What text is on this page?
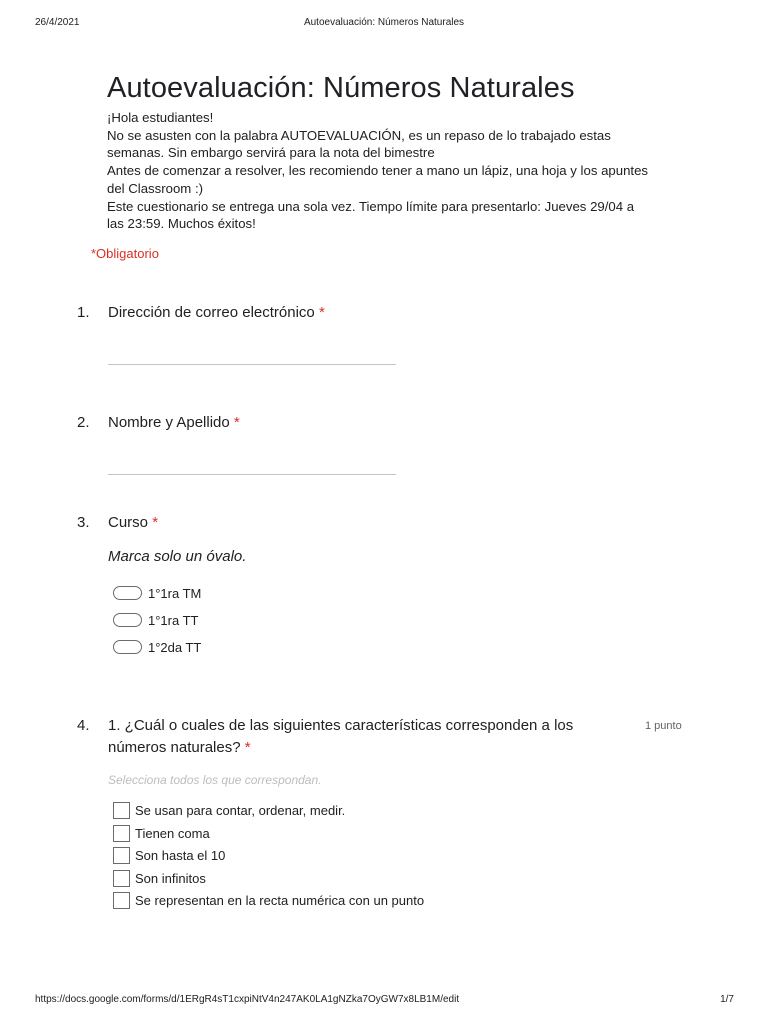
26/4/2021	Autoevaluación: Números Naturales
Autoevaluación: Números Naturales
¡Hola estudiantes!
No se asusten con la palabra AUTOEVALUACIÓN, es un repaso de lo trabajado estas
semanas. Sin embargo servirá para la nota del bimestre
Antes de comenzar a resolver, les recomiendo tener a mano un lápiz, una hoja y los apuntes
del Classroom :)
Este cuestionario se entrega una sola vez. Tiempo límite para presentarlo: Jueves 29/04 a
las 23:59. Muchos éxitos!
*Obligatorio
1. Dirección de correo electrónico *
2. Nombre y Apellido *
3. Curso *
Marca solo un óvalo.
1°1ra TM
1°1ra TT
1°2da TT
4. 1. ¿Cuál o cuales de las siguientes características corresponden a los
números naturales? *
1 punto
Selecciona todos los que correspondan.
Se usan para contar, ordenar, medir.
Tienen coma
Son hasta el 10
Son infinitos
Se representan en la recta numérica con un punto
https://docs.google.com/forms/d/1ERgR4sT1cxpiNtV4n247AK0LA1gNZka7OyGW7x8LB1M/edit	1/7
